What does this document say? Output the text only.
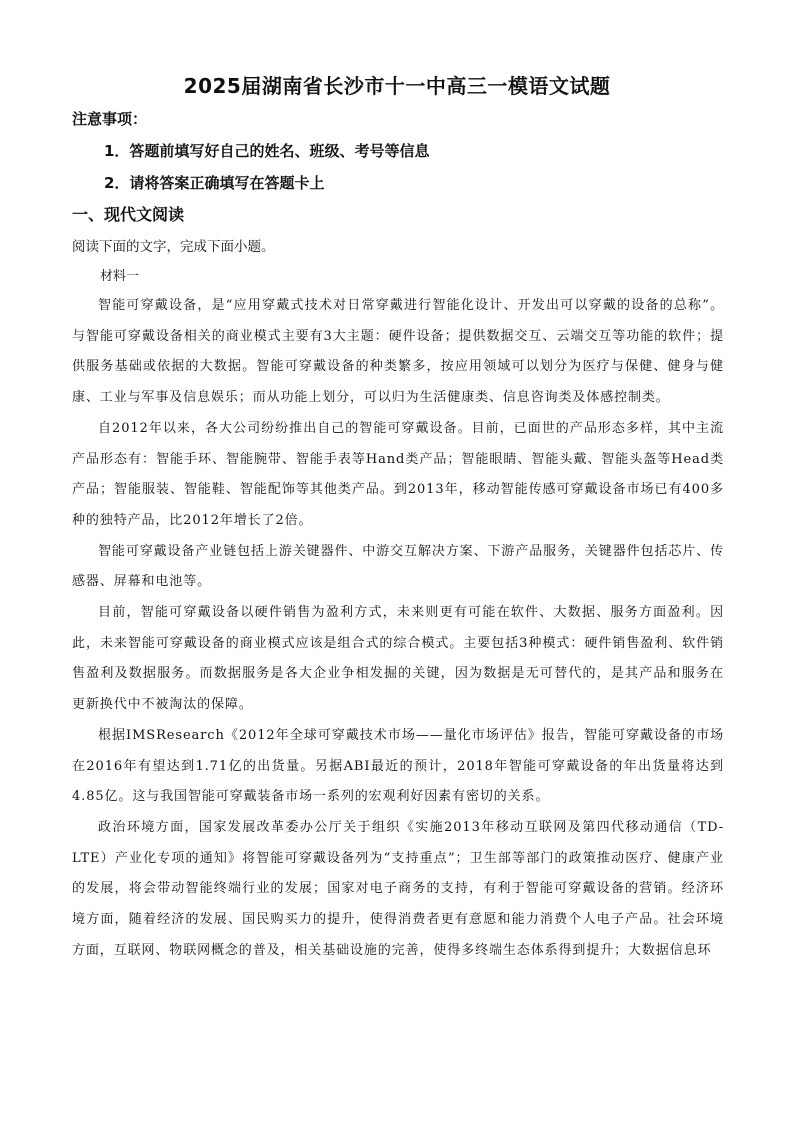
2025届湖南省长沙市十一中高三一模语文试题
注意事项：
1．答题前填写好自己的姓名、班级、考号等信息
2．请将答案正确填写在答题卡上
一、现代文阅读
阅读下面的文字，完成下面小题。
材料一

智能可穿戴设备，是“应用穿戴式技术对日常穿戴进行智能化设计、开发出可以穿戴的设备的总称”。与智能可穿戴设备相关的商业模式主要有3大主题：硬件设备；提供数据交互、云端交互等功能的软件；提供服务基础或依据的大数据。智能可穿戴设备的种类繁多，按应用领域可以划分为医疗与保健、健身与健康、工业与军事及信息娱乐；而从功能上划分，可以归为生活健康类、信息咨询类及体感控制类。

自2012年以来，各大公司纷纷推出自己的智能可穿戴设备。目前，已面世的产品形态多样，其中主流产品形态有：智能手环、智能腕带、智能手表等Hand类产品；智能眼睛、智能头戴、智能头盔等Head类产品；智能服装、智能鞋、智能配饰等其他类产品。到2013年，移动智能传感可穿戴设备市场已有400多种的独特产品，比2012年增长了2倍。

智能可穿戴设备产业链包括上游关键器件、中游交互解决方案、下游产品服务，关键器件包括芯片、传感器、屏幕和电池等。

目前，智能可穿戴设备以硬件销售为盈利方式，未来则更有可能在软件、大数据、服务方面盈利。因此，未来智能可穿戴设备的商业模式应该是组合式的综合模式。主要包括3种模式：硬件销售盈利、软件销售盈利及数据服务。而数据服务是各大企业争相发掘的关键，因为数据是无可替代的，是其产品和服务在更新换代中不被淘汰的保障。

根据IMSResearch《2012年全球可穿戴技术市场——量化市场评估》报告，智能可穿戴设备的市场在2016年有望达到1.71亿的出货量。另据ABI最近的预计，2018年智能可穿戴设备的年出货量将达到4.85亿。这与我国智能可穿戴装备市场一系列的宏观利好因素有密切的关系。

政治环境方面，国家发展改革委办公厅关于组织《实施2013年移动互联网及第四代移动通信（TD-LTE）产业化专项的通知》将智能可穿戴设备列为“支持重点”；卫生部等部门的政策推动医疗、健康产业的发展，将会带动智能终端行业的发展；国家对电子商务的支持，有利于智能可穿戴设备的营销。经济环境方面，随着经济的发展、国民购买力的提升，使得消费者更有意愿和能力消费个人电子产品。社会环境方面，互联网、物联网概念的普及，相关基础设施的完善，使得多终端生态体系得到提升；大数据信息环
